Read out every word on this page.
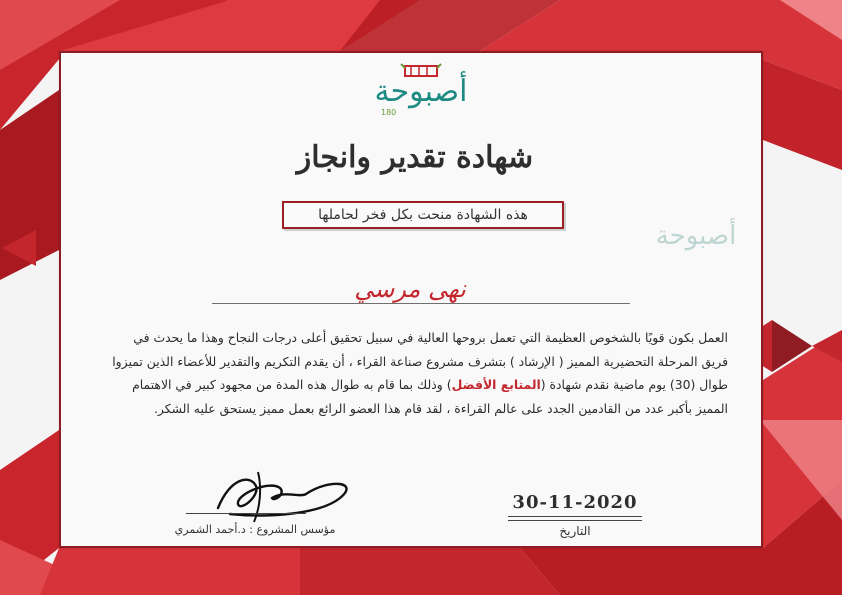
أصبوحة
180
أصبوحة
شهادة تقدير وانجاز
هذه الشهادة منحت بكل فخر لحاملها
نهى مرسي
العمل بكون قويًا بالشخوص العظيمة التي تعمل بروحها العالية في سبيل تحقيق أعلى درجات النجاح وهذا ما يحدث في فريق المرحلة التحضيرية المميز ( الإرشاد ) بتشرف مشروع صناعة القراء ، أن يقدم التكريم والتقدير للأعضاء الذين تميزوا طوال (30) يوم ماضية نقدم شهادة (المتابع الأفضل) وذلك بما قام به طوال هذه المدة من مجهود كبير في الاهتمام المميز بأكبر عدد من القادمين الجدد على عالم القراءة ، لقد قام هذا العضو الرائع بعمل مميز يستحق عليه الشكر.
مؤسس المشروع : د.أحمد الشمري
30-11-2020
التاريخ
